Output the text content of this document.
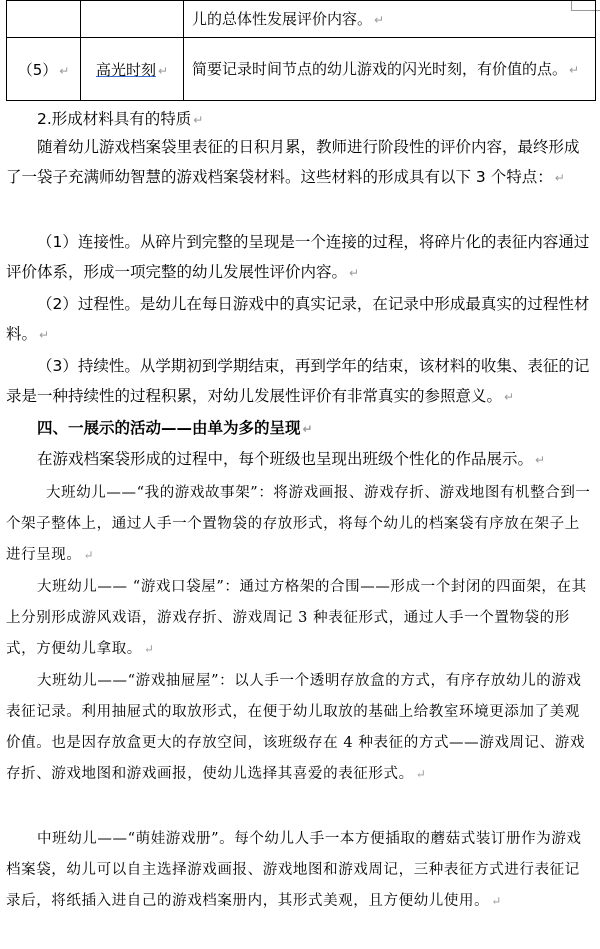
		儿的总体性发展评价内容。 ↵
（5） ↵	高光时刻 ↵	简要记录时间节点的幼儿游戏的闪光时刻，有价值的点。 ↵

2.形成材料具有的特质 ↵

随着幼儿游戏档案袋里表征的日积月累，教师进行阶段性的评价内容，最终形成了一袋子充满师幼智慧的游戏档案袋材料。这些材料的形成具有以下 3 个特点： ↵

（1）连接性。从碎片到完整的呈现是一个连接的过程，将碎片化的表征内容通过评价体系，形成一项完整的幼儿发展性评价内容。 ↵

（2）过程性。是幼儿在每日游戏中的真实记录，在记录中形成最真实的过程性材料。 ↵

（3）持续性。从学期初到学期结束，再到学年的结束，该材料的收集、表征的记录是一种持续性的过程积累，对幼儿发展性评价有非常真实的参照意义。 ↵

四、一展示的活动——由单为多的呈现 ↵

在游戏档案袋形成的过程中，每个班级也呈现出班级个性化的作品展示。 ↵

大班幼儿——“我的游戏故事架”：将游戏画报、游戏存折、游戏地图有机整合到一个架子整体上，通过人手一个置物袋的存放形式，将每个幼儿的档案袋有序放在架子上进行呈现。 ↵

大班幼儿—— “游戏口袋屋”：通过方格架的合围——形成一个封闭的四面架，在其上分别形成游风戏语，游戏存折、游戏周记 3 种表征形式，通过人手一个置物袋的形式，方便幼儿拿取。 ↵

大班幼儿——“游戏抽屉屋”：以人手一个透明存放盒的方式，有序存放幼儿的游戏表征记录。利用抽屉式的取放形式，在便于幼儿取放的基础上给教室环境更添加了美观价值。也是因存放盒更大的存放空间，该班级存在 4 种表征的方式——游戏周记、游戏存折、游戏地图和游戏画报，使幼儿选择其喜爱的表征形式。 ↵

中班幼儿——“萌娃游戏册”。每个幼儿人手一本方便插取的蘑菇式装订册作为游戏档案袋，幼儿可以自主选择游戏画报、游戏地图和游戏周记，三种表征方式进行表征记录后，将纸插入进自己的游戏档案册内，其形式美观，且方便幼儿使用。 ↵
